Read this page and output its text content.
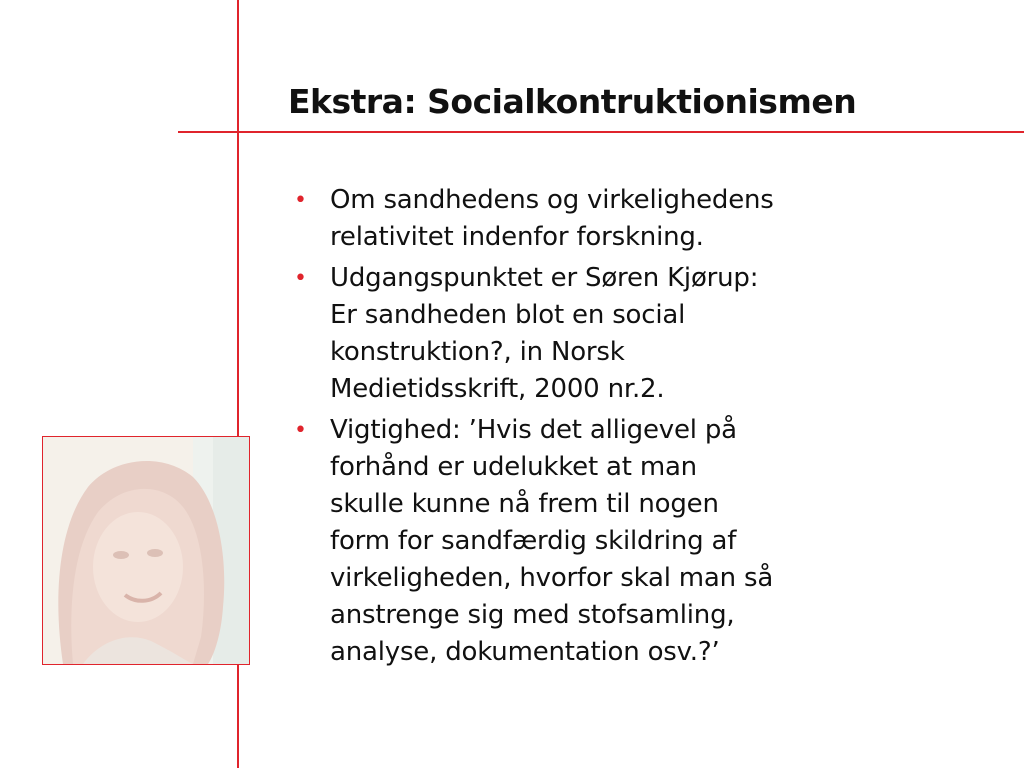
Ekstra: Socialkontruktionismen
• Om sandhedens og virkelighedens
relativitet indenfor forskning.
• Udgangspunktet er Søren Kjørup:
Er sandheden blot en social
konstruktion?, in Norsk
Medietidsskrift, 2000 nr.2.
• Vigtighed: ’Hvis det alligevel på
forhånd er udelukket at man
skulle kunne nå frem til nogen
form for sandfærdig skildring af
virkeligheden, hvorfor skal man så
anstrenge sig med stofsamling,
analyse, dokumentation osv.?’
